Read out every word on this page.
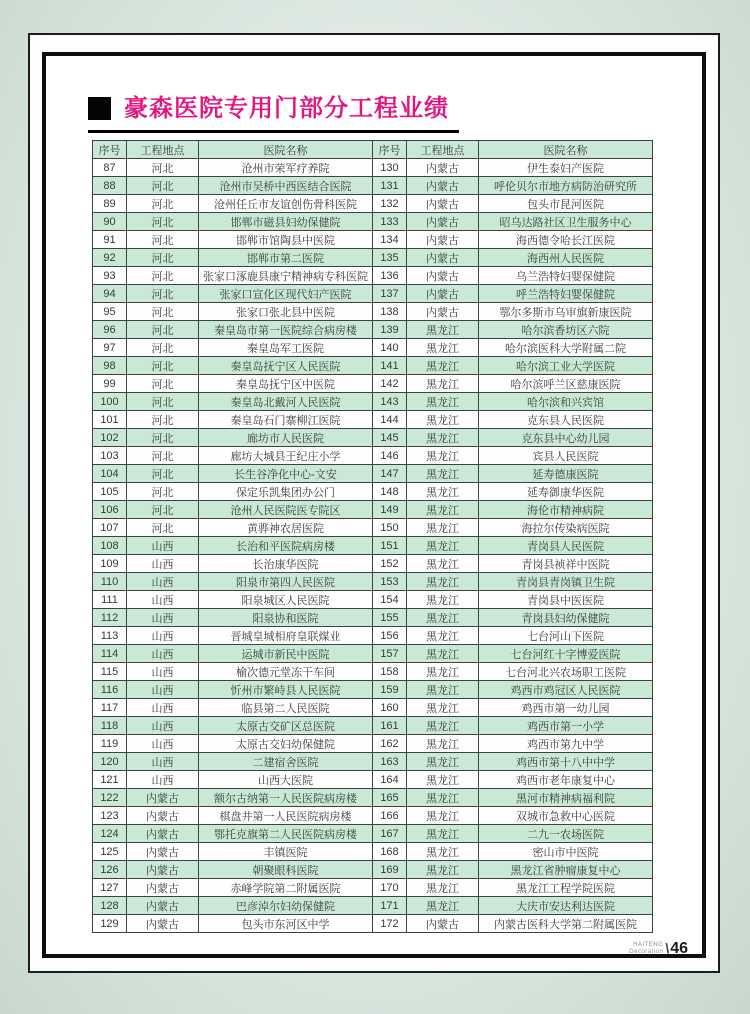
豪森医院专用门部分工程业绩
序号	工程地点	医院名称	序号	工程地点	医院名称
87	河北	沧州市荣军疗养院	130	内蒙古	伊生泰妇产医院
88	河北	沧州市吴桥中西医结合医院	131	内蒙古	呼伦贝尔市地方病防治研究所
89	河北	沧州任丘市友谊创伤骨科医院	132	内蒙古	包头市昆河医院
90	河北	邯郸市磁县妇幼保健院	133	内蒙古	昭乌达路社区卫生服务中心
91	河北	邯郸市馆陶县中医院	134	内蒙古	海西德令哈长江医院
92	河北	邯郸市第二医院	135	内蒙古	海西州人民医院
93	河北	张家口涿鹿县康宁精神病专科医院	136	内蒙古	乌兰浩特妇婴保健院
94	河北	张家口宣化区现代妇产医院	137	内蒙古	呼兰浩特妇婴保健院
95	河北	张家口张北县中医院	138	内蒙古	鄂尔多斯市乌审旗新康医院
96	河北	秦皇岛市第一医院综合病房楼	139	黑龙江	哈尔滨香坊区六院
97	河北	秦皇岛军工医院	140	黑龙江	哈尔滨医科大学附属二院
98	河北	秦皇岛抚宁区人民医院	141	黑龙江	哈尔滨工业大学医院
99	河北	秦皇岛抚宁区中医院	142	黑龙江	哈尔滨呼兰区慈康医院
100	河北	秦皇岛北戴河人民医院	143	黑龙江	哈尔滨和兴宾馆
101	河北	秦皇岛石门寨柳江医院	144	黑龙江	克东县人民医院
102	河北	廊坊市人民医院	145	黑龙江	克东县中心幼儿园
103	河北	廊坊大城县王纪庄小学	146	黑龙江	宾县人民医院
104	河北	长生谷净化中心-文安	147	黑龙江	延寿德康医院
105	河北	保定乐凯集团办公门	148	黑龙江	延寿御康华医院
106	河北	沧州人民医院医专院区	149	黑龙江	海伦市精神病院
107	河北	黄骅神农居医院	150	黑龙江	海拉尔传染病医院
108	山西	长治和平医院病房楼	151	黑龙江	青岗县人民医院
109	山西	长治康华医院	152	黑龙江	青岗县祯祥中医院
110	山西	阳泉市第四人民医院	153	黑龙江	青岗县青岗镇卫生院
111	山西	阳泉城区人民医院	154	黑龙江	青岗县中医医院
112	山西	阳泉协和医院	155	黑龙江	青岗县妇幼保健院
113	山西	晋城皇城相府皇联煤业	156	黑龙江	七台河山下医院
114	山西	运城市新民中医院	157	黑龙江	七台河红十字博爱医院
115	山西	榆次德元堂冻干车间	158	黑龙江	七台河北兴农场职工医院
116	山西	忻州市繁峙县人民医院	159	黑龙江	鸡西市鸡冠区人民医院
117	山西	临县第二人民医院	160	黑龙江	鸡西市第一幼儿园
118	山西	太原古交矿区总医院	161	黑龙江	鸡西市第一小学
119	山西	太原古交妇幼保健院	162	黑龙江	鸡西市第九中学
120	山西	二建宿舍医院	163	黑龙江	鸡西市第十八中中学
121	山西	山西大医院	164	黑龙江	鸡西市老年康复中心
122	内蒙古	额尔古纳第一人民医院病房楼	165	黑龙江	黑河市精神病福利院
123	内蒙古	棋盘井第一人民医院病房楼	166	黑龙江	双城市急救中心医院
124	内蒙古	鄂托克旗第二人民医院病房楼	167	黑龙江	二九一农场医院
125	内蒙古	丰镇医院	168	黑龙江	密山市中医院
126	内蒙古	朝聚眼科医院	169	黑龙江	黑龙江省肿瘤康复中心
127	内蒙古	赤峰学院第二附属医院	170	黑龙江	黑龙江工程学院医院
128	内蒙古	巴彦淖尔妇幼保健院	171	黑龙江	大庆市安达利达医院
129	内蒙古	包头市东河区中学	172	内蒙古	内蒙古医科大学第二附属医院
HAITENG
Decoration \ 46
